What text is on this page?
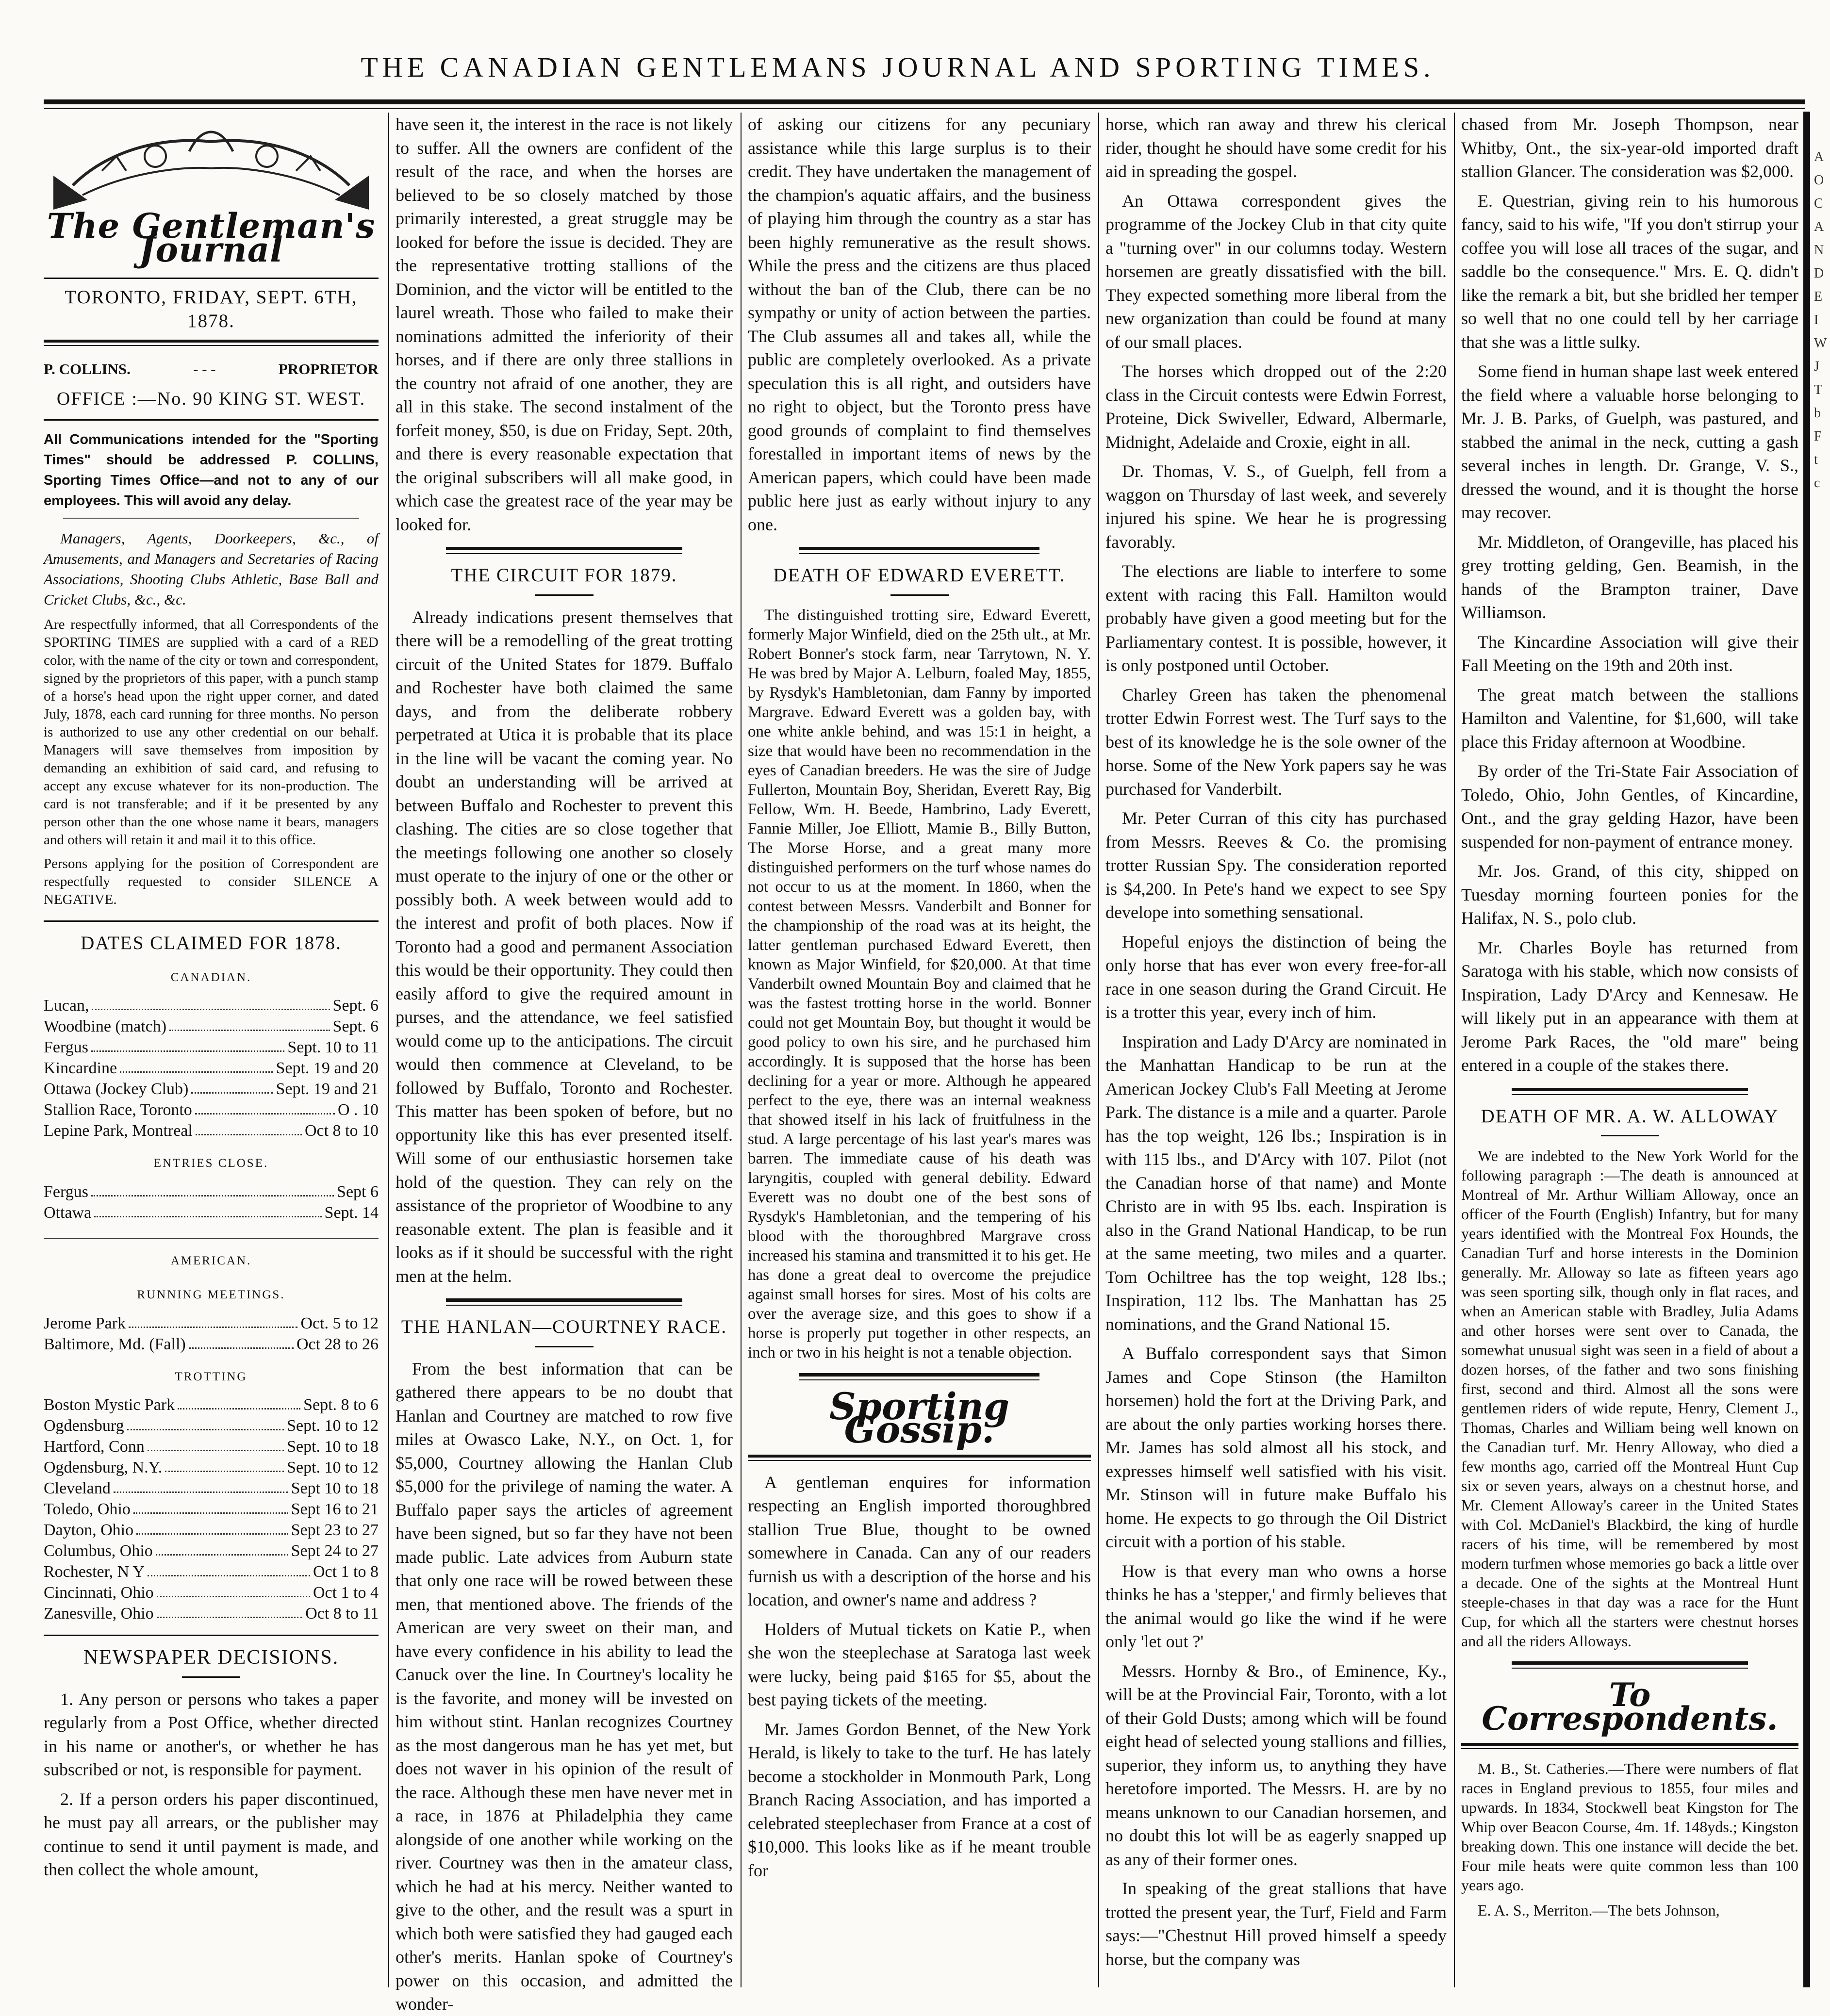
THE CANADIAN GENTLEMANS JOURNAL AND SPORTING TIMES.
The Gentleman's Journal
TORONTO, FRIDAY, SEPT. 6TH, 1878.
P. COLLINS.	- - -	PROPRIETOR
OFFICE :—No. 90 KING ST. WEST.

All Communications intended for the "Sporting Times" should be addressed P. COLLINS, Sporting Times Office—and not to any of our employees. This will avoid any delay.

Managers, Agents, Doorkeepers, &c., of Amusements, and Managers and Secretaries of Racing Associations, Shooting Clubs Athletic, Base Ball and Cricket Clubs, &c., &c.

Are respectfully informed, that all Correspondents of the SPORTING TIMES are supplied with a card of a RED color, with the name of the city or town and correspondent, signed by the proprietors of this paper, with a punch stamp of a horse's head upon the right upper corner, and dated July, 1878, each card running for three months. No person is authorized to use any other credential on our behalf. Managers will save themselves from imposition by demanding an exhibition of said card, and refusing to accept any excuse whatever for its non-production. The card is not transferable; and if it be presented by any person other than the one whose name it bears, managers and others will retain it and mail it to this office.

Persons applying for the position of Correspondent are respectfully requested to consider SILENCE A NEGATIVE.

DATES CLAIMED FOR 1878.
CANADIAN.
Lucan,	Sept. 6
Woodbine (match)	Sept. 6
Fergus	Sept. 10 to 11
Kincardine	Sept. 19 and 20
Ottawa (Jockey Club)	Sept. 19 and 21
Stallion Race, Toronto	O . 10
Lepine Park, Montreal	Oct 8 to 10
ENTRIES CLOSE.
Fergus	Sept 6
Ottawa	Sept. 14
AMERICAN.
RUNNING MEETINGS.
Jerome Park	Oct. 5 to 12
Baltimore, Md. (Fall)	Oct 28 to 26
TROTTING
Boston Mystic Park	Sept. 8 to 6
Ogdensburg	Sept. 10 to 12
Hartford, Conn	Sept. 10 to 18
Ogdensburg, N.Y.	Sept. 10 to 12
Cleveland	Sept 10 to 18
Toledo, Ohio	Sept 16 to 21
Dayton, Ohio	Sept 23 to 27
Columbus, Ohio	Sept 24 to 27
Rochester, N Y	Oct 1 to 8
Cincinnati, Ohio	Oct 1 to 4
Zanesville, Ohio	Oct 8 to 11
NEWSPAPER DECISIONS.

1. Any person or persons who takes a paper regularly from a Post Office, whether directed in his name or another's, or whether he has subscribed or not, is responsible for payment.

2. If a person orders his paper discontinued, he must pay all arrears, or the publisher may continue to send it until payment is made, and then collect the whole amount,

have seen it, the interest in the race is not likely to suffer. All the owners are confident of the result of the race, and when the horses are believed to be so closely matched by those primarily interested, a great struggle may be looked for before the issue is decided. They are the representative trotting stallions of the Dominion, and the victor will be entitled to the laurel wreath. Those who failed to make their nominations admitted the inferiority of their horses, and if there are only three stallions in the country not afraid of one another, they are all in this stake. The second instalment of the forfeit money, $50, is due on Friday, Sept. 20th, and there is every reasonable expectation that the original subscribers will all make good, in which case the greatest race of the year may be looked for.

THE CIRCUIT FOR 1879.

Already indications present themselves that there will be a remodelling of the great trotting circuit of the United States for 1879. Buffalo and Rochester have both claimed the same days, and from the deliberate robbery perpetrated at Utica it is probable that its place in the line will be vacant the coming year. No doubt an understanding will be arrived at between Buffalo and Rochester to prevent this clashing. The cities are so close together that the meetings following one another so closely must operate to the injury of one or the other or possibly both. A week between would add to the interest and profit of both places. Now if Toronto had a good and permanent Association this would be their opportunity. They could then easily afford to give the required amount in purses, and the attendance, we feel satisfied would come up to the anticipations. The circuit would then commence at Cleveland, to be followed by Buffalo, Toronto and Rochester. This matter has been spoken of before, but no opportunity like this has ever presented itself. Will some of our enthusiastic horsemen take hold of the question. They can rely on the assistance of the proprietor of Woodbine to any reasonable extent. The plan is feasible and it looks as if it should be successful with the right men at the helm.

THE HANLAN—COURTNEY RACE.

From the best information that can be gathered there appears to be no doubt that Hanlan and Courtney are matched to row five miles at Owasco Lake, N.Y., on Oct. 1, for $5,000, Courtney allowing the Hanlan Club $5,000 for the privilege of naming the water. A Buffalo paper says the articles of agreement have been signed, but so far they have not been made public. Late advices from Auburn state that only one race will be rowed between these men, that mentioned above. The friends of the American are very sweet on their man, and have every confidence in his ability to lead the Canuck over the line. In Courtney's locality he is the favorite, and money will be invested on him without stint. Hanlan recognizes Courtney as the most dangerous man he has yet met, but does not waver in his opinion of the result of the race. Although these men have never met in a race, in 1876 at Philadelphia they came alongside of one another while working on the river. Courtney was then in the amateur class, which he had at his mercy. Neither wanted to give to the other, and the result was a spurt in which both were satisfied they had gauged each other's merits. Hanlan spoke of Courtney's power on this occasion, and admitted the wonder-

of asking our citizens for any pecuniary assistance while this large surplus is to their credit. They have undertaken the management of the champion's aquatic affairs, and the business of playing him through the country as a star has been highly remunerative as the result shows. While the press and the citizens are thus placed without the ban of the Club, there can be no sympathy or unity of action between the parties. The Club assumes all and takes all, while the public are completely overlooked. As a private speculation this is all right, and outsiders have no right to object, but the Toronto press have good grounds of complaint to find themselves forestalled in important items of news by the American papers, which could have been made public here just as early without injury to any one.

DEATH OF EDWARD EVERETT.

The distinguished trotting sire, Edward Everett, formerly Major Winfield, died on the 25th ult., at Mr. Robert Bonner's stock farm, near Tarrytown, N. Y. He was bred by Major A. Lelburn, foaled May, 1855, by Rysdyk's Hambletonian, dam Fanny by imported Margrave. Edward Everett was a golden bay, with one white ankle behind, and was 15:1 in height, a size that would have been no recommendation in the eyes of Canadian breeders. He was the sire of Judge Fullerton, Mountain Boy, Sheridan, Everett Ray, Big Fellow, Wm. H. Beede, Hambrino, Lady Everett, Fannie Miller, Joe Elliott, Mamie B., Billy Button, The Morse Horse, and a great many more distinguished performers on the turf whose names do not occur to us at the moment. In 1860, when the contest between Messrs. Vanderbilt and Bonner for the championship of the road was at its height, the latter gentleman purchased Edward Everett, then known as Major Winfield, for $20,000. At that time Vanderbilt owned Mountain Boy and claimed that he was the fastest trotting horse in the world. Bonner could not get Mountain Boy, but thought it would be good policy to own his sire, and he purchased him accordingly. It is supposed that the horse has been declining for a year or more. Although he appeared perfect to the eye, there was an internal weakness that showed itself in his lack of fruitfulness in the stud. A large percentage of his last year's mares was barren. The immediate cause of his death was laryngitis, coupled with general debility. Edward Everett was no doubt one of the best sons of Rysdyk's Hambletonian, and the tempering of his blood with the thoroughbred Margrave cross increased his stamina and transmitted it to his get. He has done a great deal to overcome the prejudice against small horses for sires. Most of his colts are over the average size, and this goes to show if a horse is properly put together in other respects, an inch or two in his height is not a tenable objection.

Sporting Gossip.

A gentleman enquires for information respecting an English imported thoroughbred stallion True Blue, thought to be owned somewhere in Canada. Can any of our readers furnish us with a description of the horse and his location, and owner's name and address ?

Holders of Mutual tickets on Katie P., when she won the steeplechase at Saratoga last week were lucky, being paid $165 for $5, about the best paying tickets of the meeting.

Mr. James Gordon Bennet, of the New York Herald, is likely to take to the turf. He has lately become a stockholder in Monmouth Park, Long Branch Racing Association, and has imported a celebrated steeplechaser from France at a cost of $10,000. This looks like as if he meant trouble for

horse, which ran away and threw his clerical rider, thought he should have some credit for his aid in spreading the gospel.

An Ottawa correspondent gives the programme of the Jockey Club in that city quite a "turning over" in our columns today. Western horsemen are greatly dissatisfied with the bill. They expected something more liberal from the new organization than could be found at many of our small places.

The horses which dropped out of the 2:20 class in the Circuit contests were Edwin Forrest, Proteine, Dick Swiveller, Edward, Albermarle, Midnight, Adelaide and Croxie, eight in all.

Dr. Thomas, V. S., of Guelph, fell from a waggon on Thursday of last week, and severely injured his spine. We hear he is progressing favorably.

The elections are liable to interfere to some extent with racing this Fall. Hamilton would probably have given a good meeting but for the Parliamentary contest. It is possible, however, it is only postponed until October.

Charley Green has taken the phenomenal trotter Edwin Forrest west. The Turf says to the best of its knowledge he is the sole owner of the horse. Some of the New York papers say he was purchased for Vanderbilt.

Mr. Peter Curran of this city has purchased from Messrs. Reeves & Co. the promising trotter Russian Spy. The consideration reported is $4,200. In Pete's hand we expect to see Spy develope into something sensational.

Hopeful enjoys the distinction of being the only horse that has ever won every free-for-all race in one season during the Grand Circuit. He is a trotter this year, every inch of him.

Inspiration and Lady D'Arcy are nominated in the Manhattan Handicap to be run at the American Jockey Club's Fall Meeting at Jerome Park. The distance is a mile and a quarter. Parole has the top weight, 126 lbs.; Inspiration is in with 115 lbs., and D'Arcy with 107. Pilot (not the Canadian horse of that name) and Monte Christo are in with 95 lbs. each. Inspiration is also in the Grand National Handicap, to be run at the same meeting, two miles and a quarter. Tom Ochiltree has the top weight, 128 lbs.; Inspiration, 112 lbs. The Manhattan has 25 nominations, and the Grand National 15.

A Buffalo correspondent says that Simon James and Cope Stinson (the Hamilton horsemen) hold the fort at the Driving Park, and are about the only parties working horses there. Mr. James has sold almost all his stock, and expresses himself well satisfied with his visit. Mr. Stinson will in future make Buffalo his home. He expects to go through the Oil District circuit with a portion of his stable.

How is that every man who owns a horse thinks he has a 'stepper,' and firmly believes that the animal would go like the wind if he were only 'let out ?'

Messrs. Hornby & Bro., of Eminence, Ky., will be at the Provincial Fair, Toronto, with a lot of their Gold Dusts; among which will be found eight head of selected young stallions and fillies, superior, they inform us, to anything they have heretofore imported. The Messrs. H. are by no means unknown to our Canadian horsemen, and no doubt this lot will be as eagerly snapped up as any of their former ones.

In speaking of the great stallions that have trotted the present year, the Turf, Field and Farm says:—"Chestnut Hill proved himself a speedy horse, but the company was

chased from Mr. Joseph Thompson, near Whitby, Ont., the six-year-old imported draft stallion Glancer. The consideration was $2,000.

E. Questrian, giving rein to his humorous fancy, said to his wife, "If you don't stirrup your coffee you will lose all traces of the sugar, and saddle bo the consequence." Mrs. E. Q. didn't like the remark a bit, but she bridled her temper so well that no one could tell by her carriage that she was a little sulky.

Some fiend in human shape last week entered the field where a valuable horse belonging to Mr. J. B. Parks, of Guelph, was pastured, and stabbed the animal in the neck, cutting a gash several inches in length. Dr. Grange, V. S., dressed the wound, and it is thought the horse may recover.

Mr. Middleton, of Orangeville, has placed his grey trotting gelding, Gen. Beamish, in the hands of the Brampton trainer, Dave Williamson.

The Kincardine Association will give their Fall Meeting on the 19th and 20th inst.

The great match between the stallions Hamilton and Valentine, for $1,600, will take place this Friday afternoon at Woodbine.

By order of the Tri-State Fair Association of Toledo, Ohio, John Gentles, of Kincardine, Ont., and the gray gelding Hazor, have been suspended for non-payment of entrance money.

Mr. Jos. Grand, of this city, shipped on Tuesday morning fourteen ponies for the Halifax, N. S., polo club.

Mr. Charles Boyle has returned from Saratoga with his stable, which now consists of Inspiration, Lady D'Arcy and Kennesaw. He will likely put in an appearance with them at Jerome Park Races, the "old mare" being entered in a couple of the stakes there.

DEATH OF MR. A. W. ALLOWAY

We are indebted to the New York World for the following paragraph :—The death is announced at Montreal of Mr. Arthur William Alloway, once an officer of the Fourth (English) Infantry, but for many years identified with the Montreal Fox Hounds, the Canadian Turf and horse interests in the Dominion generally. Mr. Alloway so late as fifteen years ago was seen sporting silk, though only in flat races, and when an American stable with Bradley, Julia Adams and other horses were sent over to Canada, the somewhat unusual sight was seen in a field of about a dozen horses, of the father and two sons finishing first, second and third. Almost all the sons were gentlemen riders of wide repute, Henry, Clement J., Thomas, Charles and William being well known on the Canadian turf. Mr. Henry Alloway, who died a few months ago, carried off the Montreal Hunt Cup six or seven years, always on a chestnut horse, and Mr. Clement Alloway's career in the United States with Col. McDaniel's Blackbird, the king of hurdle racers of his time, will be remembered by most modern turfmen whose memories go back a little over a decade. One of the sights at the Montreal Hunt steeple-chases in that day was a race for the Hunt Cup, for which all the starters were chestnut horses and all the riders Alloways.

To Correspondents.

M. B., St. Catheries.—There were numbers of flat races in England previous to 1855, four miles and upwards. In 1834, Stockwell beat Kingston for The Whip over Beacon Course, 4m. 1f. 148yds.; Kingston breaking down. This one instance will decide the bet. Four mile heats were quite common less than 100 years ago.

E. A. S., Merriton.—The bets Johnson,

A
O
C
A
N
D
E
I
W
J
T
b
F
t
c
